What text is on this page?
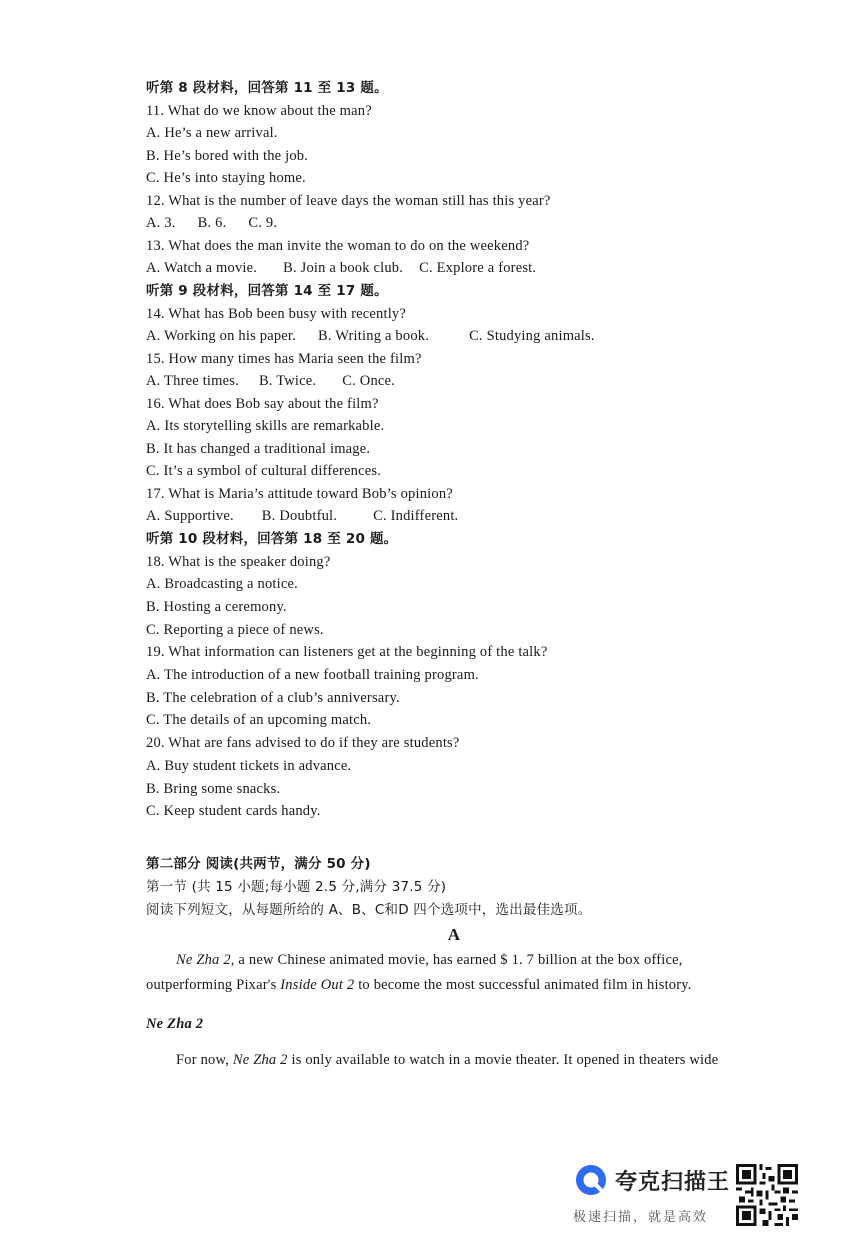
听第 8 段材料，回答第 11 至 13 题。
11. What do we know about the man?
A. He’s a new arrival.
B. He’s bored with the job.
C. He’s into staying home.
12. What is the number of leave days the woman still has this year?
A. 3. B. 6. C. 9.
13. What does the man invite the woman to do on the weekend?
A. Watch a movie. B. Join a book club. C. Explore a forest.
听第 9 段材料，回答第 14 至 17 题。
14. What has Bob been busy with recently?
A. Working on his paper. B. Writing a book.	C. Studying animals.
15. How many times has Maria seen the film?
A. Three times. B. Twice. C. Once.
16. What does Bob say about the film?
A. Its storytelling skills are remarkable.
B. It has changed a traditional image.
C. It’s a symbol of cultural differences.
17. What is Maria’s attitude toward Bob’s opinion?
A. Supportive. B. Doubtful. C. Indifferent.
听第 10 段材料，回答第 18 至 20 题。
18. What is the speaker doing?
A. Broadcasting a notice.
B. Hosting a ceremony.
C. Reporting a piece of news.
19. What information can listeners get at the beginning of the talk?
A. The introduction of a new football training program.
B. The celebration of a club’s anniversary.
C. The details of an upcoming match.
20. What are fans advised to do if they are students?
A. Buy student tickets in advance.
B. Bring some snacks.
C. Keep student cards handy.
第二部分 阅读(共两节，满分 50 分)
第一节 (共 15 小题;每小题 2.5 分,满分 37.5 分)
阅读下列短文，从每题所给的 A、B、C和D 四个选项中，选出最佳选项。
A
Ne Zha 2, a new Chinese animated movie, has earned $ 1. 7 billion at the box office,
outperforming Pixar's Inside Out 2 to become the most successful animated film in history.
Ne Zha 2
For now, Ne Zha 2 is only available to watch in a movie theater. It opened in theaters wide
夸克扫描王
极速扫描，就是高效
